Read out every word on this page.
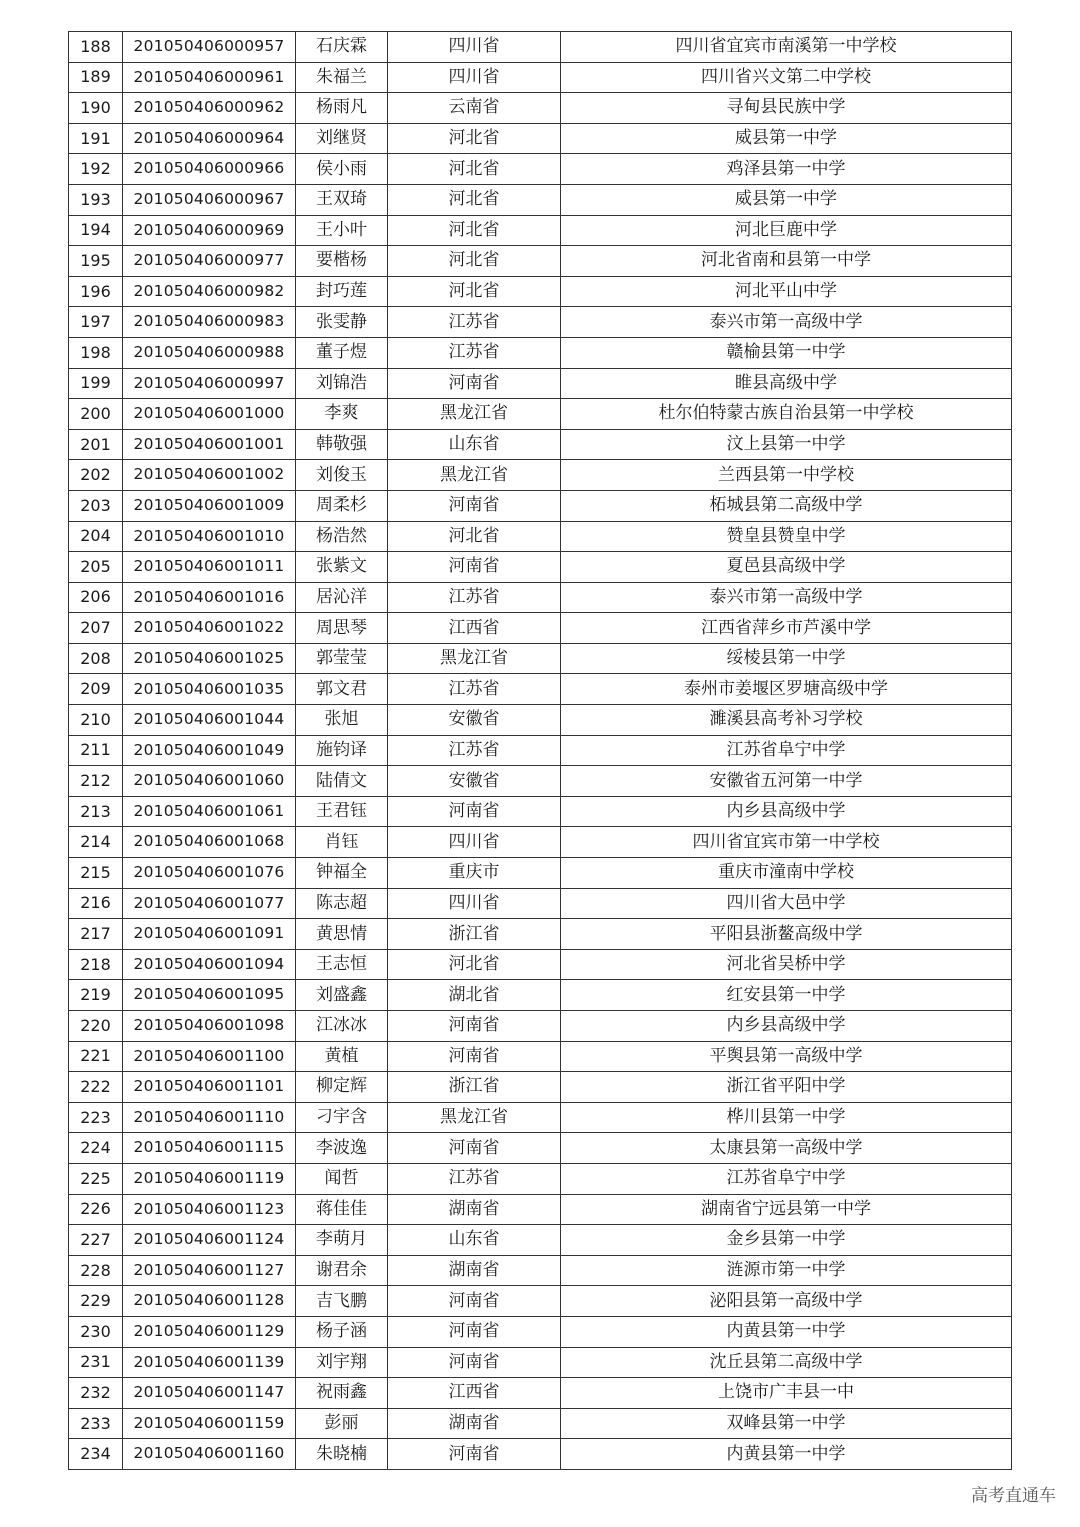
188	201050406000957	石庆霖	四川省	四川省宜宾市南溪第一中学校
189	201050406000961	朱福兰	四川省	四川省兴文第二中学校
190	201050406000962	杨雨凡	云南省	寻甸县民族中学
191	201050406000964	刘继贤	河北省	威县第一中学
192	201050406000966	侯小雨	河北省	鸡泽县第一中学
193	201050406000967	王双琦	河北省	威县第一中学
194	201050406000969	王小叶	河北省	河北巨鹿中学
195	201050406000977	要楷杨	河北省	河北省南和县第一中学
196	201050406000982	封巧莲	河北省	河北平山中学
197	201050406000983	张雯静	江苏省	泰兴市第一高级中学
198	201050406000988	董子煜	江苏省	赣榆县第一中学
199	201050406000997	刘锦浩	河南省	睢县高级中学
200	201050406001000	李爽	黑龙江省	杜尔伯特蒙古族自治县第一中学校
201	201050406001001	韩敬强	山东省	汶上县第一中学
202	201050406001002	刘俊玉	黑龙江省	兰西县第一中学校
203	201050406001009	周柔杉	河南省	柘城县第二高级中学
204	201050406001010	杨浩然	河北省	赞皇县赞皇中学
205	201050406001011	张紫文	河南省	夏邑县高级中学
206	201050406001016	居沁洋	江苏省	泰兴市第一高级中学
207	201050406001022	周思琴	江西省	江西省萍乡市芦溪中学
208	201050406001025	郭莹莹	黑龙江省	绥棱县第一中学
209	201050406001035	郭文君	江苏省	泰州市姜堰区罗塘高级中学
210	201050406001044	张旭	安徽省	濉溪县高考补习学校
211	201050406001049	施钧译	江苏省	江苏省阜宁中学
212	201050406001060	陆倩文	安徽省	安徽省五河第一中学
213	201050406001061	王君钰	河南省	内乡县高级中学
214	201050406001068	肖钰	四川省	四川省宜宾市第一中学校
215	201050406001076	钟福全	重庆市	重庆市潼南中学校
216	201050406001077	陈志超	四川省	四川省大邑中学
217	201050406001091	黄思情	浙江省	平阳县浙鳌高级中学
218	201050406001094	王志恒	河北省	河北省吴桥中学
219	201050406001095	刘盛鑫	湖北省	红安县第一中学
220	201050406001098	江冰冰	河南省	内乡县高级中学
221	201050406001100	黄植	河南省	平舆县第一高级中学
222	201050406001101	柳定辉	浙江省	浙江省平阳中学
223	201050406001110	刁宇含	黑龙江省	桦川县第一中学
224	201050406001115	李波逸	河南省	太康县第一高级中学
225	201050406001119	闻哲	江苏省	江苏省阜宁中学
226	201050406001123	蒋佳佳	湖南省	湖南省宁远县第一中学
227	201050406001124	李萌月	山东省	金乡县第一中学
228	201050406001127	谢君余	湖南省	涟源市第一中学
229	201050406001128	吉飞鹏	河南省	泌阳县第一高级中学
230	201050406001129	杨子涵	河南省	内黄县第一中学
231	201050406001139	刘宇翔	河南省	沈丘县第二高级中学
232	201050406001147	祝雨鑫	江西省	上饶市广丰县一中
233	201050406001159	彭丽	湖南省	双峰县第一中学
234	201050406001160	朱晓楠	河南省	内黄县第一中学
高考直通车
